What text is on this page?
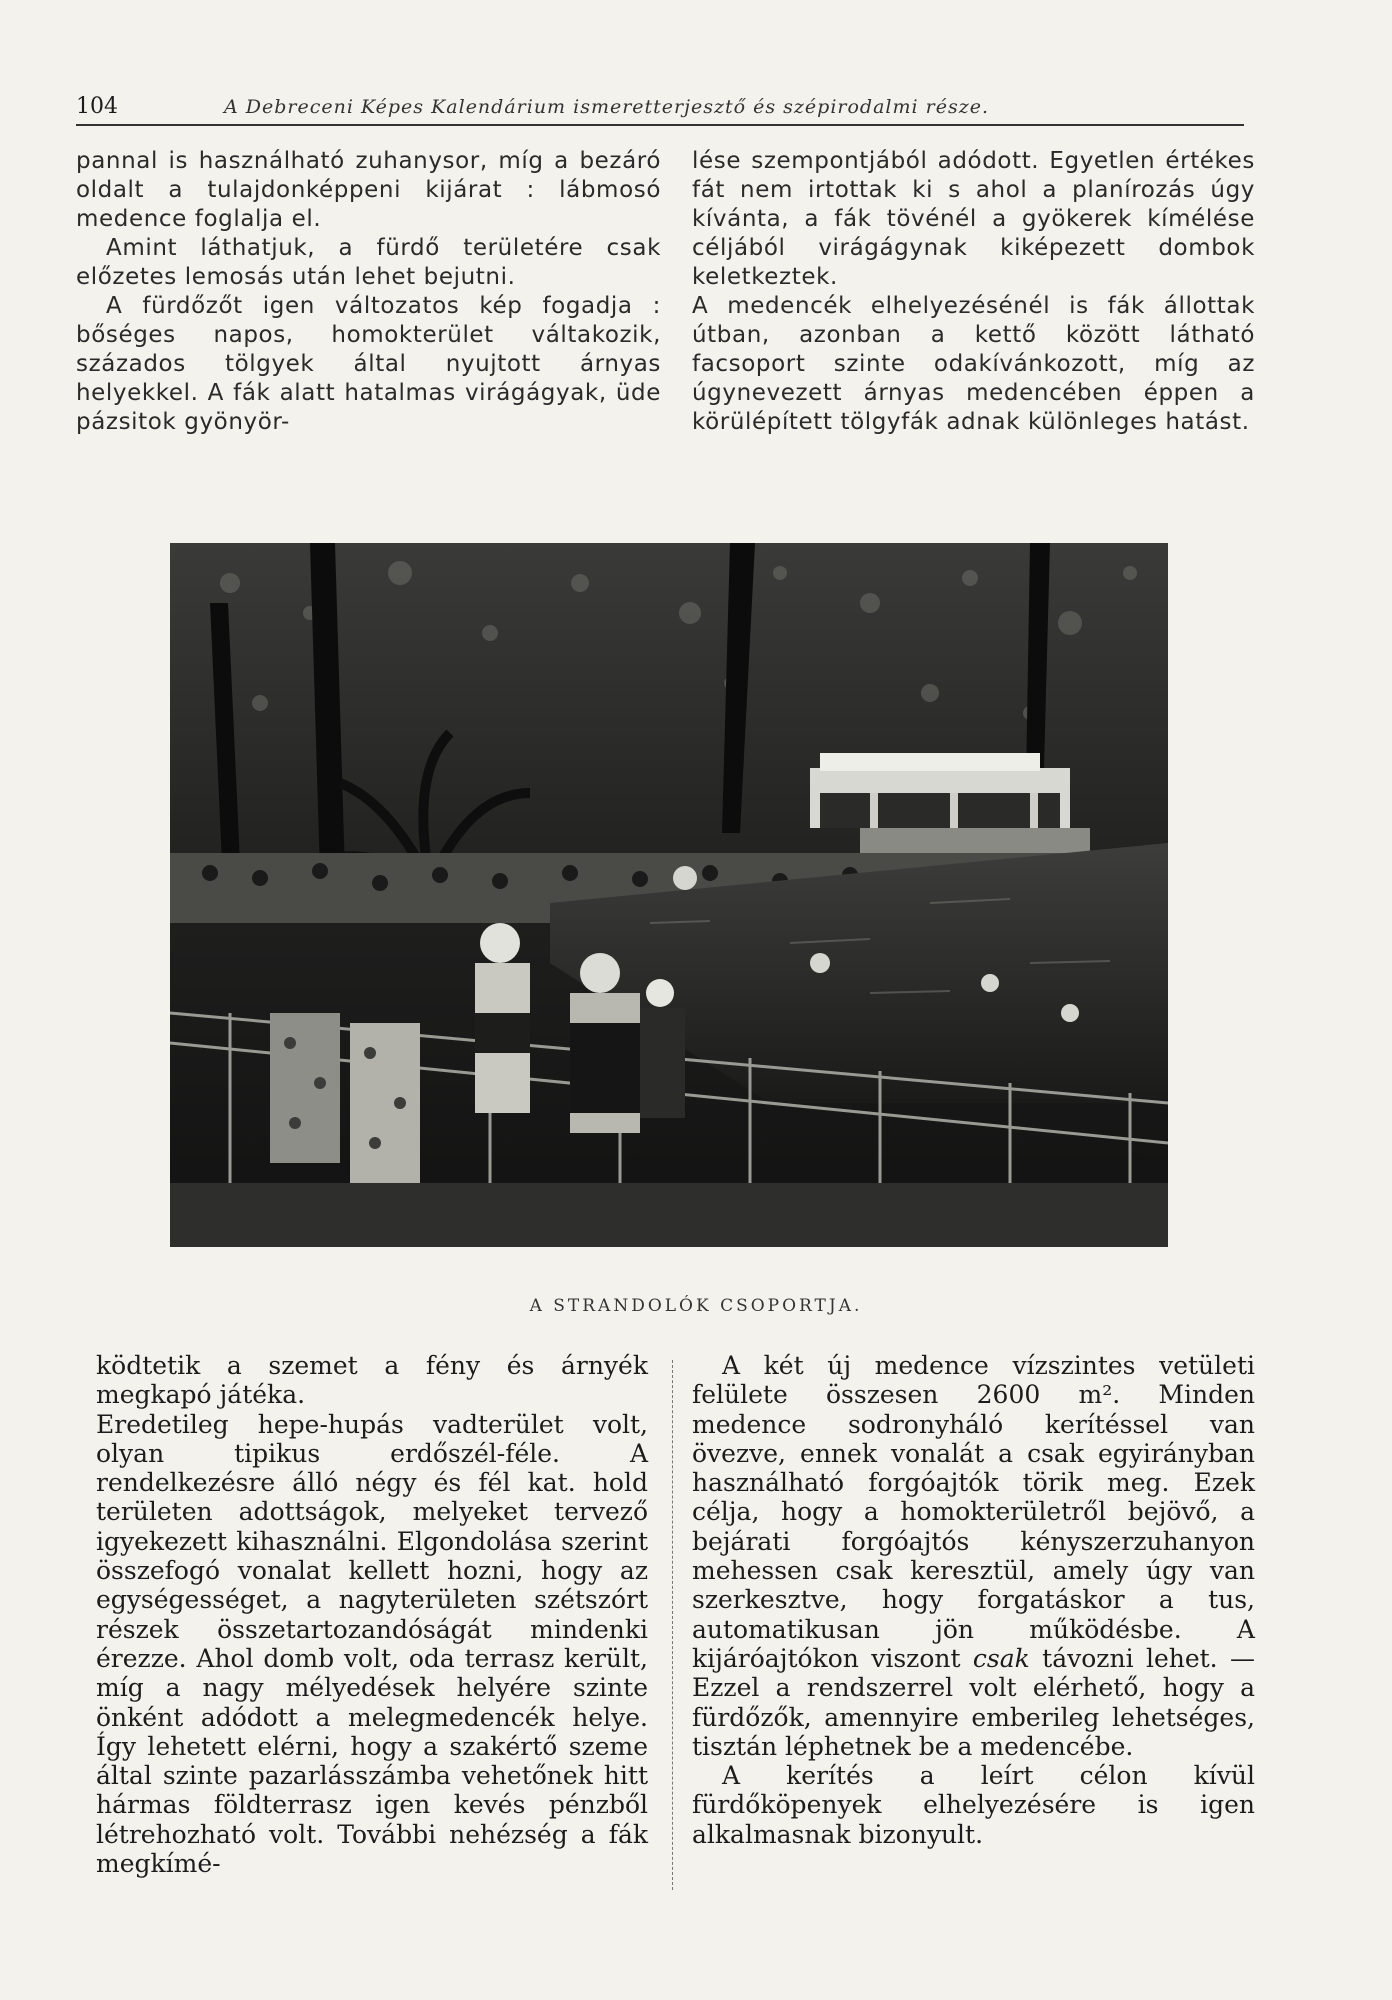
104	A Debreceni Képes Kalendárium ismeretterjesztő és szépirodalmi része.

pannal is használható zuhanysor, míg a bezáró oldalt a tulajdonképpeni kijárat : lábmosó medence foglalja el.

Amint láthatjuk, a fürdő területére csak előzetes lemosás után lehet bejutni.

A fürdőzőt igen változatos kép fogadja : bőséges napos, homokterület váltakozik, százados tölgyek által nyujtott árnyas helyekkel. A fák alatt hatalmas virágágyak, üde pázsitok gyönyör-

lése szempontjából adódott. Egyetlen értékes fát nem irtottak ki s ahol a planírozás úgy kívánta, a fák tövénél a gyökerek kímélése céljából virágágynak kiképezett dombok keletkeztek.

A medencék elhelyezésénél is fák állottak útban, azonban a kettő között látható facsoport szinte odakívánkozott, míg az úgynevezett árnyas medencében éppen a körülépített tölgyfák adnak különleges hatást.

A STRANDOLÓK CSOPORTJA.

ködtetik a szemet a fény és árnyék megkapó játéka.

Eredetileg hepe-hupás vadterület volt, olyan tipikus erdőszél-féle. A rendelkezésre álló négy és fél kat. hold területen adottságok, melyeket tervező igyekezett kihasználni. Elgondolása szerint összefogó vonalat kellett hozni, hogy az egységességet, a nagyterületen szétszórt részek összetartozandóságát mindenki érezze. Ahol domb volt, oda terrasz került, míg a nagy mélyedések helyére szinte önként adódott a melegmedencék helye. Így lehetett elérni, hogy a szakértő szeme által szinte pazarlásszámba vehetőnek hitt hármas földterrasz igen kevés pénzből létrehozható volt. További nehézség a fák megkímé-

A két új medence vízszintes vetületi felülete összesen 2600 m². Minden medence sodronyháló kerítéssel van övezve, ennek vonalát a csak egyirányban használható forgóajtók törik meg. Ezek célja, hogy a homokterületről bejövő, a bejárati forgóajtós kényszerzuhanyon mehessen csak keresztül, amely úgy van szerkesztve, hogy forgatáskor a tus, automatikusan jön működésbe. A kijáróajtókon viszont csak távozni lehet. — Ezzel a rendszerrel volt elérhető, hogy a fürdőzők, amennyire emberileg lehetséges, tisztán léphetnek be a medencébe.

A kerítés a leírt célon kívül fürdőköpenyek elhelyezésére is igen alkalmasnak bizonyult.
